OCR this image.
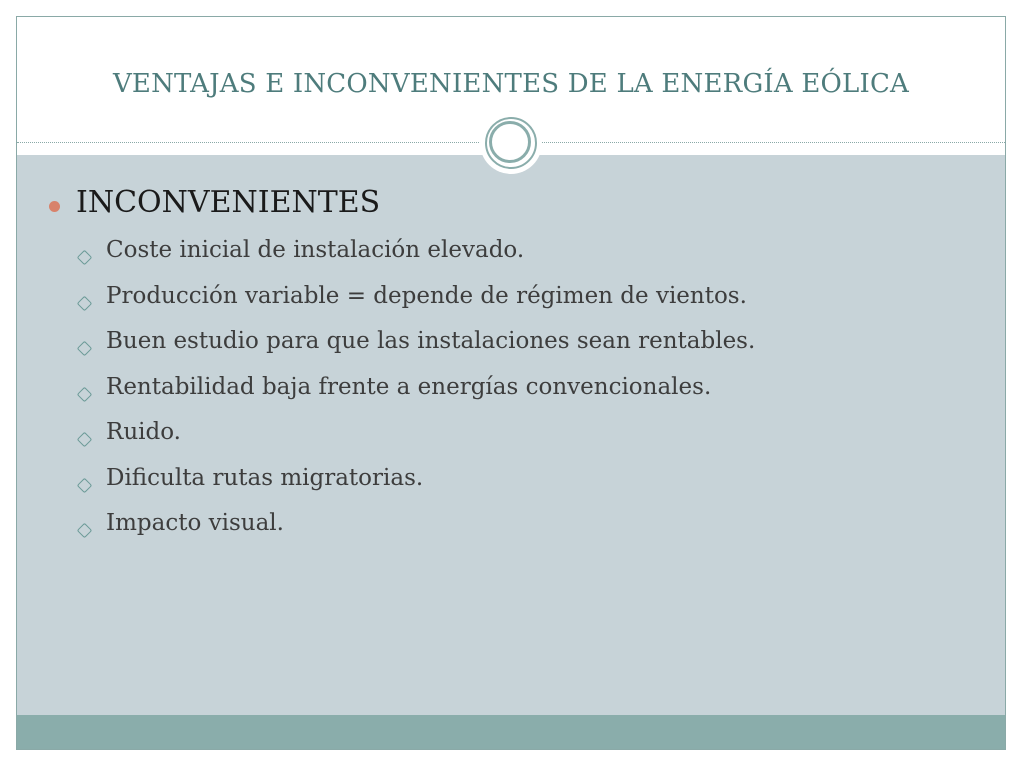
VENTAJAS E INCONVENIENTES DE LA ENERGÍA EÓLICA
INCONVENIENTES
Coste inicial de instalación elevado.
Producción variable = depende de régimen de vientos.
Buen estudio para que las instalaciones sean rentables.
Rentabilidad baja frente a energías convencionales.
Ruido.
Dificulta rutas migratorias.
Impacto visual.
